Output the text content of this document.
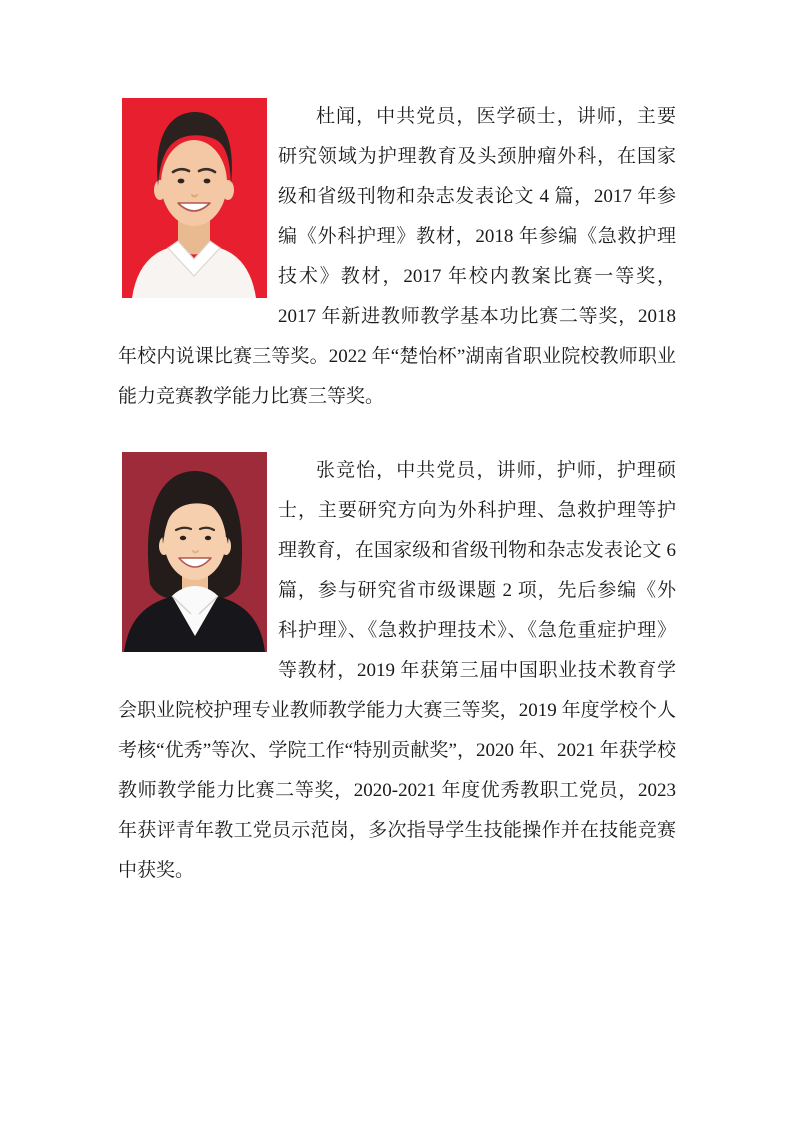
杜闻，中共党员，医学硕士，讲师，主要研究领域为护理教育及头颈肿瘤外科，在国家级和省级刊物和杂志发表论文 4 篇，2017 年参编《外科护理》教材，2018 年参编《急救护理技术》教材，2017 年校内教案比赛一等奖，2017 年新进教师教学基本功比赛二等奖，2018 年校内说课比赛三等奖。2022 年“楚怡杯”湖南省职业院校教师职业能力竞赛教学能力比赛三等奖。

张竞怡，中共党员，讲师，护师，护理硕士，主要研究方向为外科护理、急救护理等护理教育，在国家级和省级刊物和杂志发表论文 6 篇，参与研究省市级课题 2 项，先后参编《外科护理》、《急救护理技术》、《急危重症护理》等教材，2019 年获第三届中国职业技术教育学会职业院校护理专业教师教学能力大赛三等奖，2019 年度学校个人考核“优秀”等次、学院工作“特别贡献奖”，2020 年、2021 年获学校教师教学能力比赛二等奖，2020-2021 年度优秀教职工党员，2023 年获评青年教工党员示范岗，多次指导学生技能操作并在技能竞赛中获奖。
